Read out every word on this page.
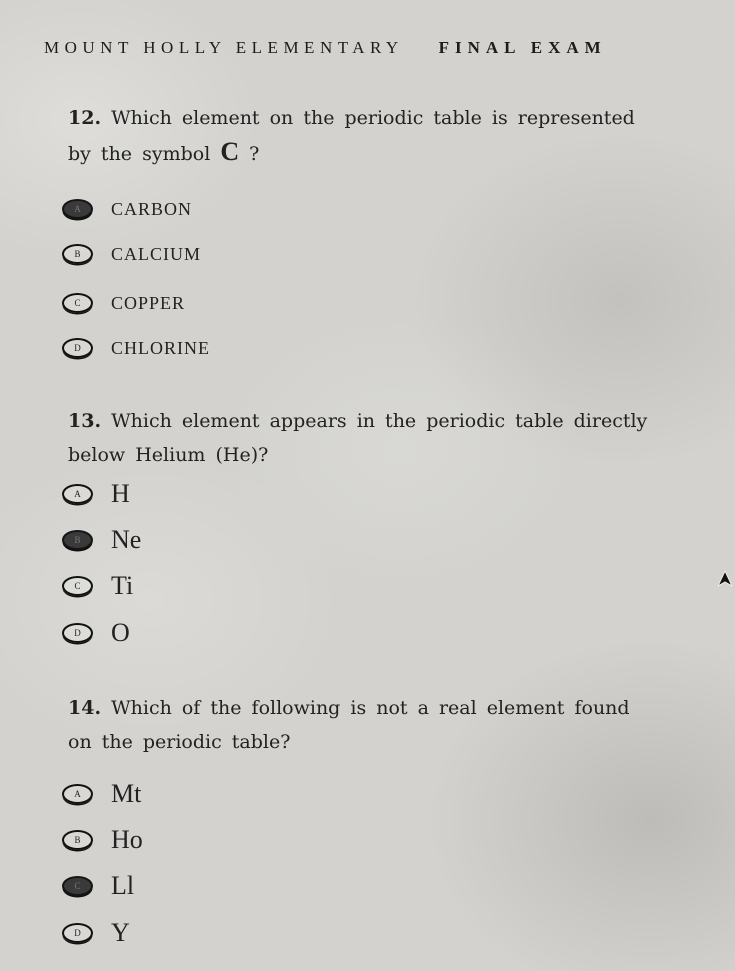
MOUNT HOLLY ELEMENTARY FINAL EXAM
12. Which element on the periodic table is represented
by the symbol C ?
A	CARBON
B	CALCIUM
C	COPPER
D	CHLORINE
13. Which element appears in the periodic table directly
below Helium (He)?
A	H
B	Ne
C	Ti
D	O
14. Which of the following is not a real element found
on the periodic table?
A	Mt
B	Ho
C	Ll
D	Y
